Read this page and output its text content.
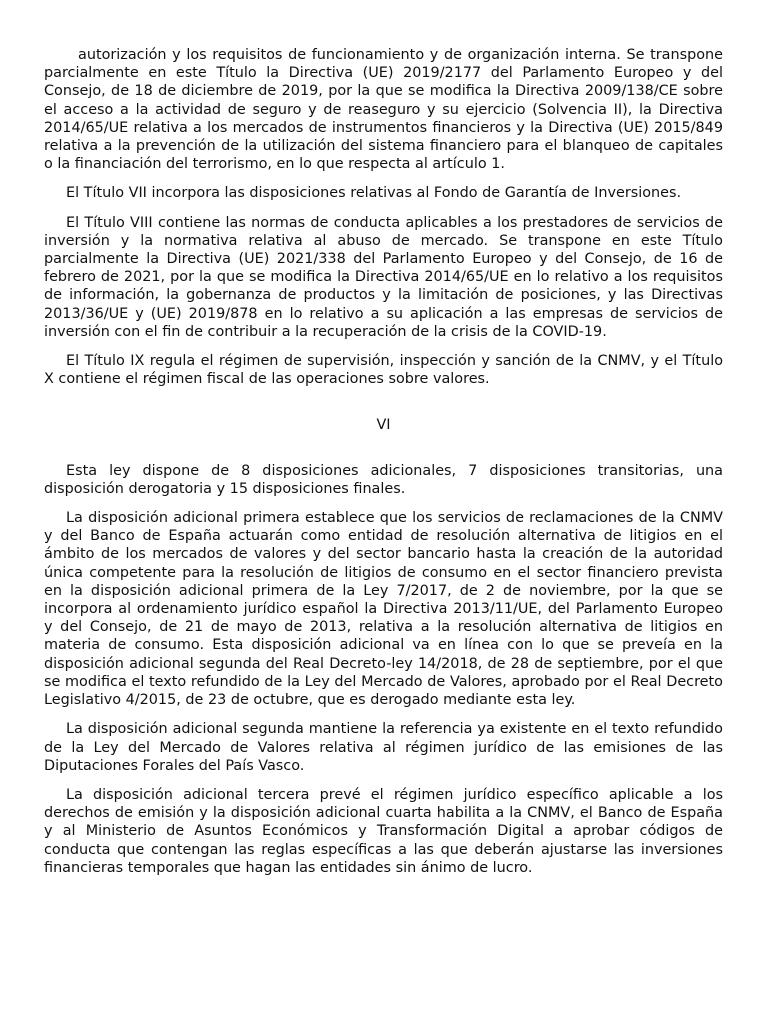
autorización y los requisitos de funcionamiento y de organización interna. Se transpone parcialmente en este Título la Directiva (UE) 2019/2177 del Parlamento Europeo y del Consejo, de 18 de diciembre de 2019, por la que se modifica la Directiva 2009/138/CE sobre el acceso a la actividad de seguro y de reaseguro y su ejercicio (Solvencia II), la Directiva 2014/65/UE relativa a los mercados de instrumentos financieros y la Directiva (UE) 2015/849 relativa a la prevención de la utilización del sistema financiero para el blanqueo de capitales o la financiación del terrorismo, en lo que respecta al artículo 1.

El Título VII incorpora las disposiciones relativas al Fondo de Garantía de Inversiones.

El Título VIII contiene las normas de conducta aplicables a los prestadores de servicios de inversión y la normativa relativa al abuso de mercado. Se transpone en este Título parcialmente la Directiva (UE) 2021/338 del Parlamento Europeo y del Consejo, de 16 de febrero de 2021, por la que se modifica la Directiva 2014/65/UE en lo relativo a los requisitos de información, la gobernanza de productos y la limitación de posiciones, y las Directivas 2013/36/UE y (UE) 2019/878 en lo relativo a su aplicación a las empresas de servicios de inversión con el fin de contribuir a la recuperación de la crisis de la COVID-19.

El Título IX regula el régimen de supervisión, inspección y sanción de la CNMV, y el Título X contiene el régimen fiscal de las operaciones sobre valores.

VI

Esta ley dispone de 8 disposiciones adicionales, 7 disposiciones transitorias, una disposición derogatoria y 15 disposiciones finales.

La disposición adicional primera establece que los servicios de reclamaciones de la CNMV y del Banco de España actuarán como entidad de resolución alternativa de litigios en el ámbito de los mercados de valores y del sector bancario hasta la creación de la autoridad única competente para la resolución de litigios de consumo en el sector financiero prevista en la disposición adicional primera de la Ley 7/2017, de 2 de noviembre, por la que se incorpora al ordenamiento jurídico español la Directiva 2013/11/UE, del Parlamento Europeo y del Consejo, de 21 de mayo de 2013, relativa a la resolución alternativa de litigios en materia de consumo. Esta disposición adicional va en línea con lo que se preveía en la disposición adicional segunda del Real Decreto-ley 14/2018, de 28 de septiembre, por el que se modifica el texto refundido de la Ley del Mercado de Valores, aprobado por el Real Decreto Legislativo 4/2015, de 23 de octubre, que es derogado mediante esta ley.

La disposición adicional segunda mantiene la referencia ya existente en el texto refundido de la Ley del Mercado de Valores relativa al régimen jurídico de las emisiones de las Diputaciones Forales del País Vasco.

La disposición adicional tercera prevé el régimen jurídico específico aplicable a los derechos de emisión y la disposición adicional cuarta habilita a la CNMV, el Banco de España y al Ministerio de Asuntos Económicos y Transformación Digital a aprobar códigos de conducta que contengan las reglas específicas a las que deberán ajustarse las inversiones financieras temporales que hagan las entidades sin ánimo de lucro.
